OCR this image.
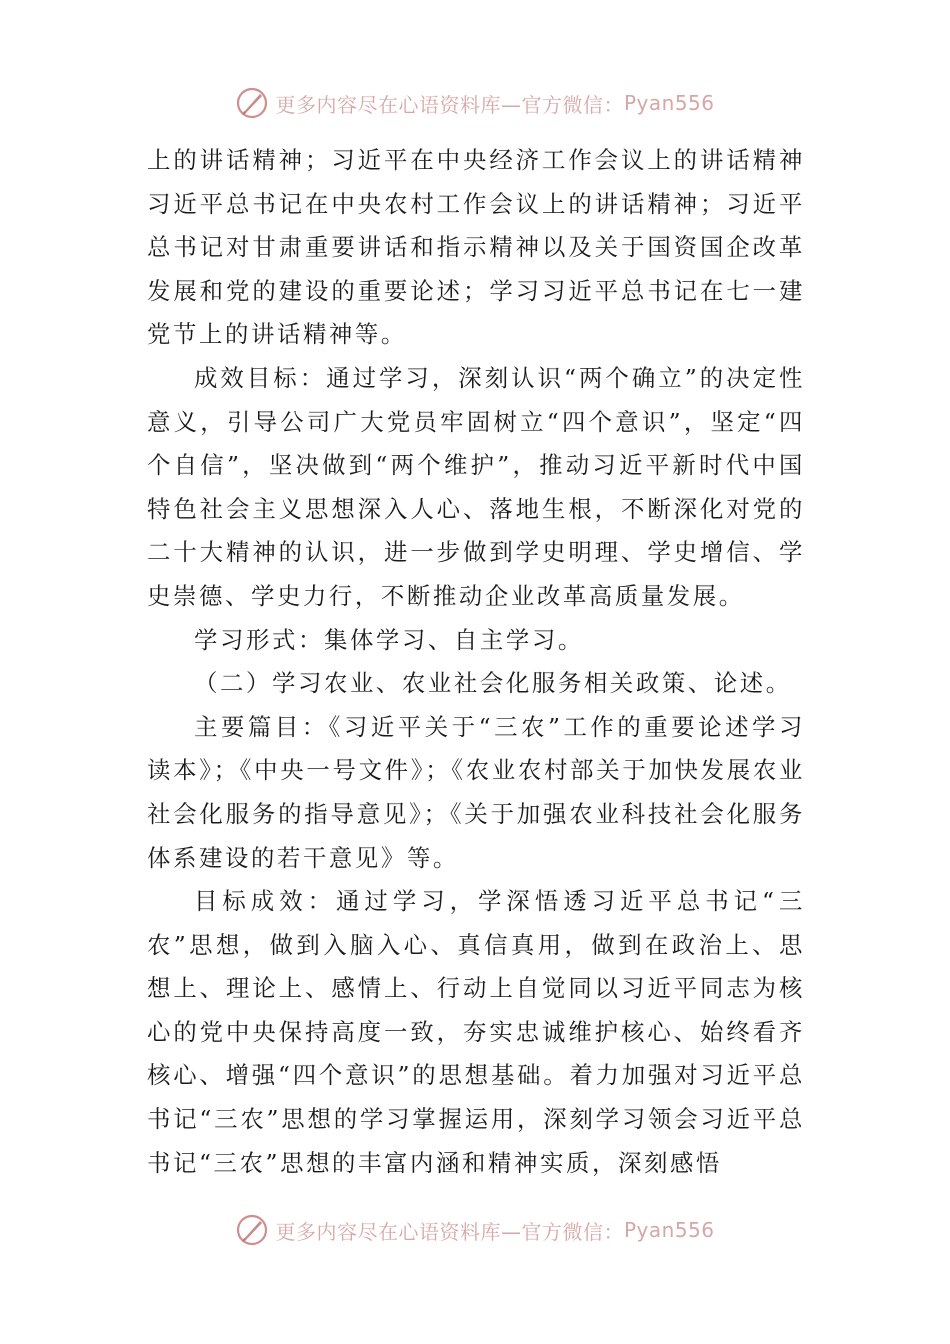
更多内容尽在心语资料库—官方微信： Pyan556

上的讲话精神；习近平在中央经济工作会议上的讲话精神习近平总书记在中央农村工作会议上的讲话精神；习近平总书记对甘肃重要讲话和指示精神以及关于国资国企改革发展和党的建设的重要论述；学习习近平总书记在七一建党节上的讲话精神等。

成效目标：通过学习，深刻认识“两个确立”的决定性意义，引导公司广大党员牢固树立“四个意识”，坚定“四个自信”，坚决做到“两个维护”，推动习近平新时代中国特色社会主义思想深入人心、落地生根，不断深化对党的二十大精神的认识，进一步做到学史明理、学史增信、学史崇德、学史力行，不断推动企业改革高质量发展。

学习形式：集体学习、自主学习。

（二）学习农业、农业社会化服务相关政策、论述。

主要篇目：《习近平关于“三农”工作的重要论述学习读本》；《中央一号文件》；《农业农村部关于加快发展农业社会化服务的指导意见》；《关于加强农业科技社会化服务体系建设的若干意见》等。

目标成效：通过学习，学深悟透习近平总书记“三农”思想，做到入脑入心、真信真用，做到在政治上、思想上、理论上、感情上、行动上自觉同以习近平同志为核心的党中央保持高度一致，夯实忠诚维护核心、始终看齐核心、增强“四个意识”的思想基础。着力加强对习近平总书记“三农”思想的学习掌握运用，深刻学习领会习近平总书记“三农”思想的丰富内涵和精神实质，深刻感悟

更多内容尽在心语资料库—官方微信： Pyan556
